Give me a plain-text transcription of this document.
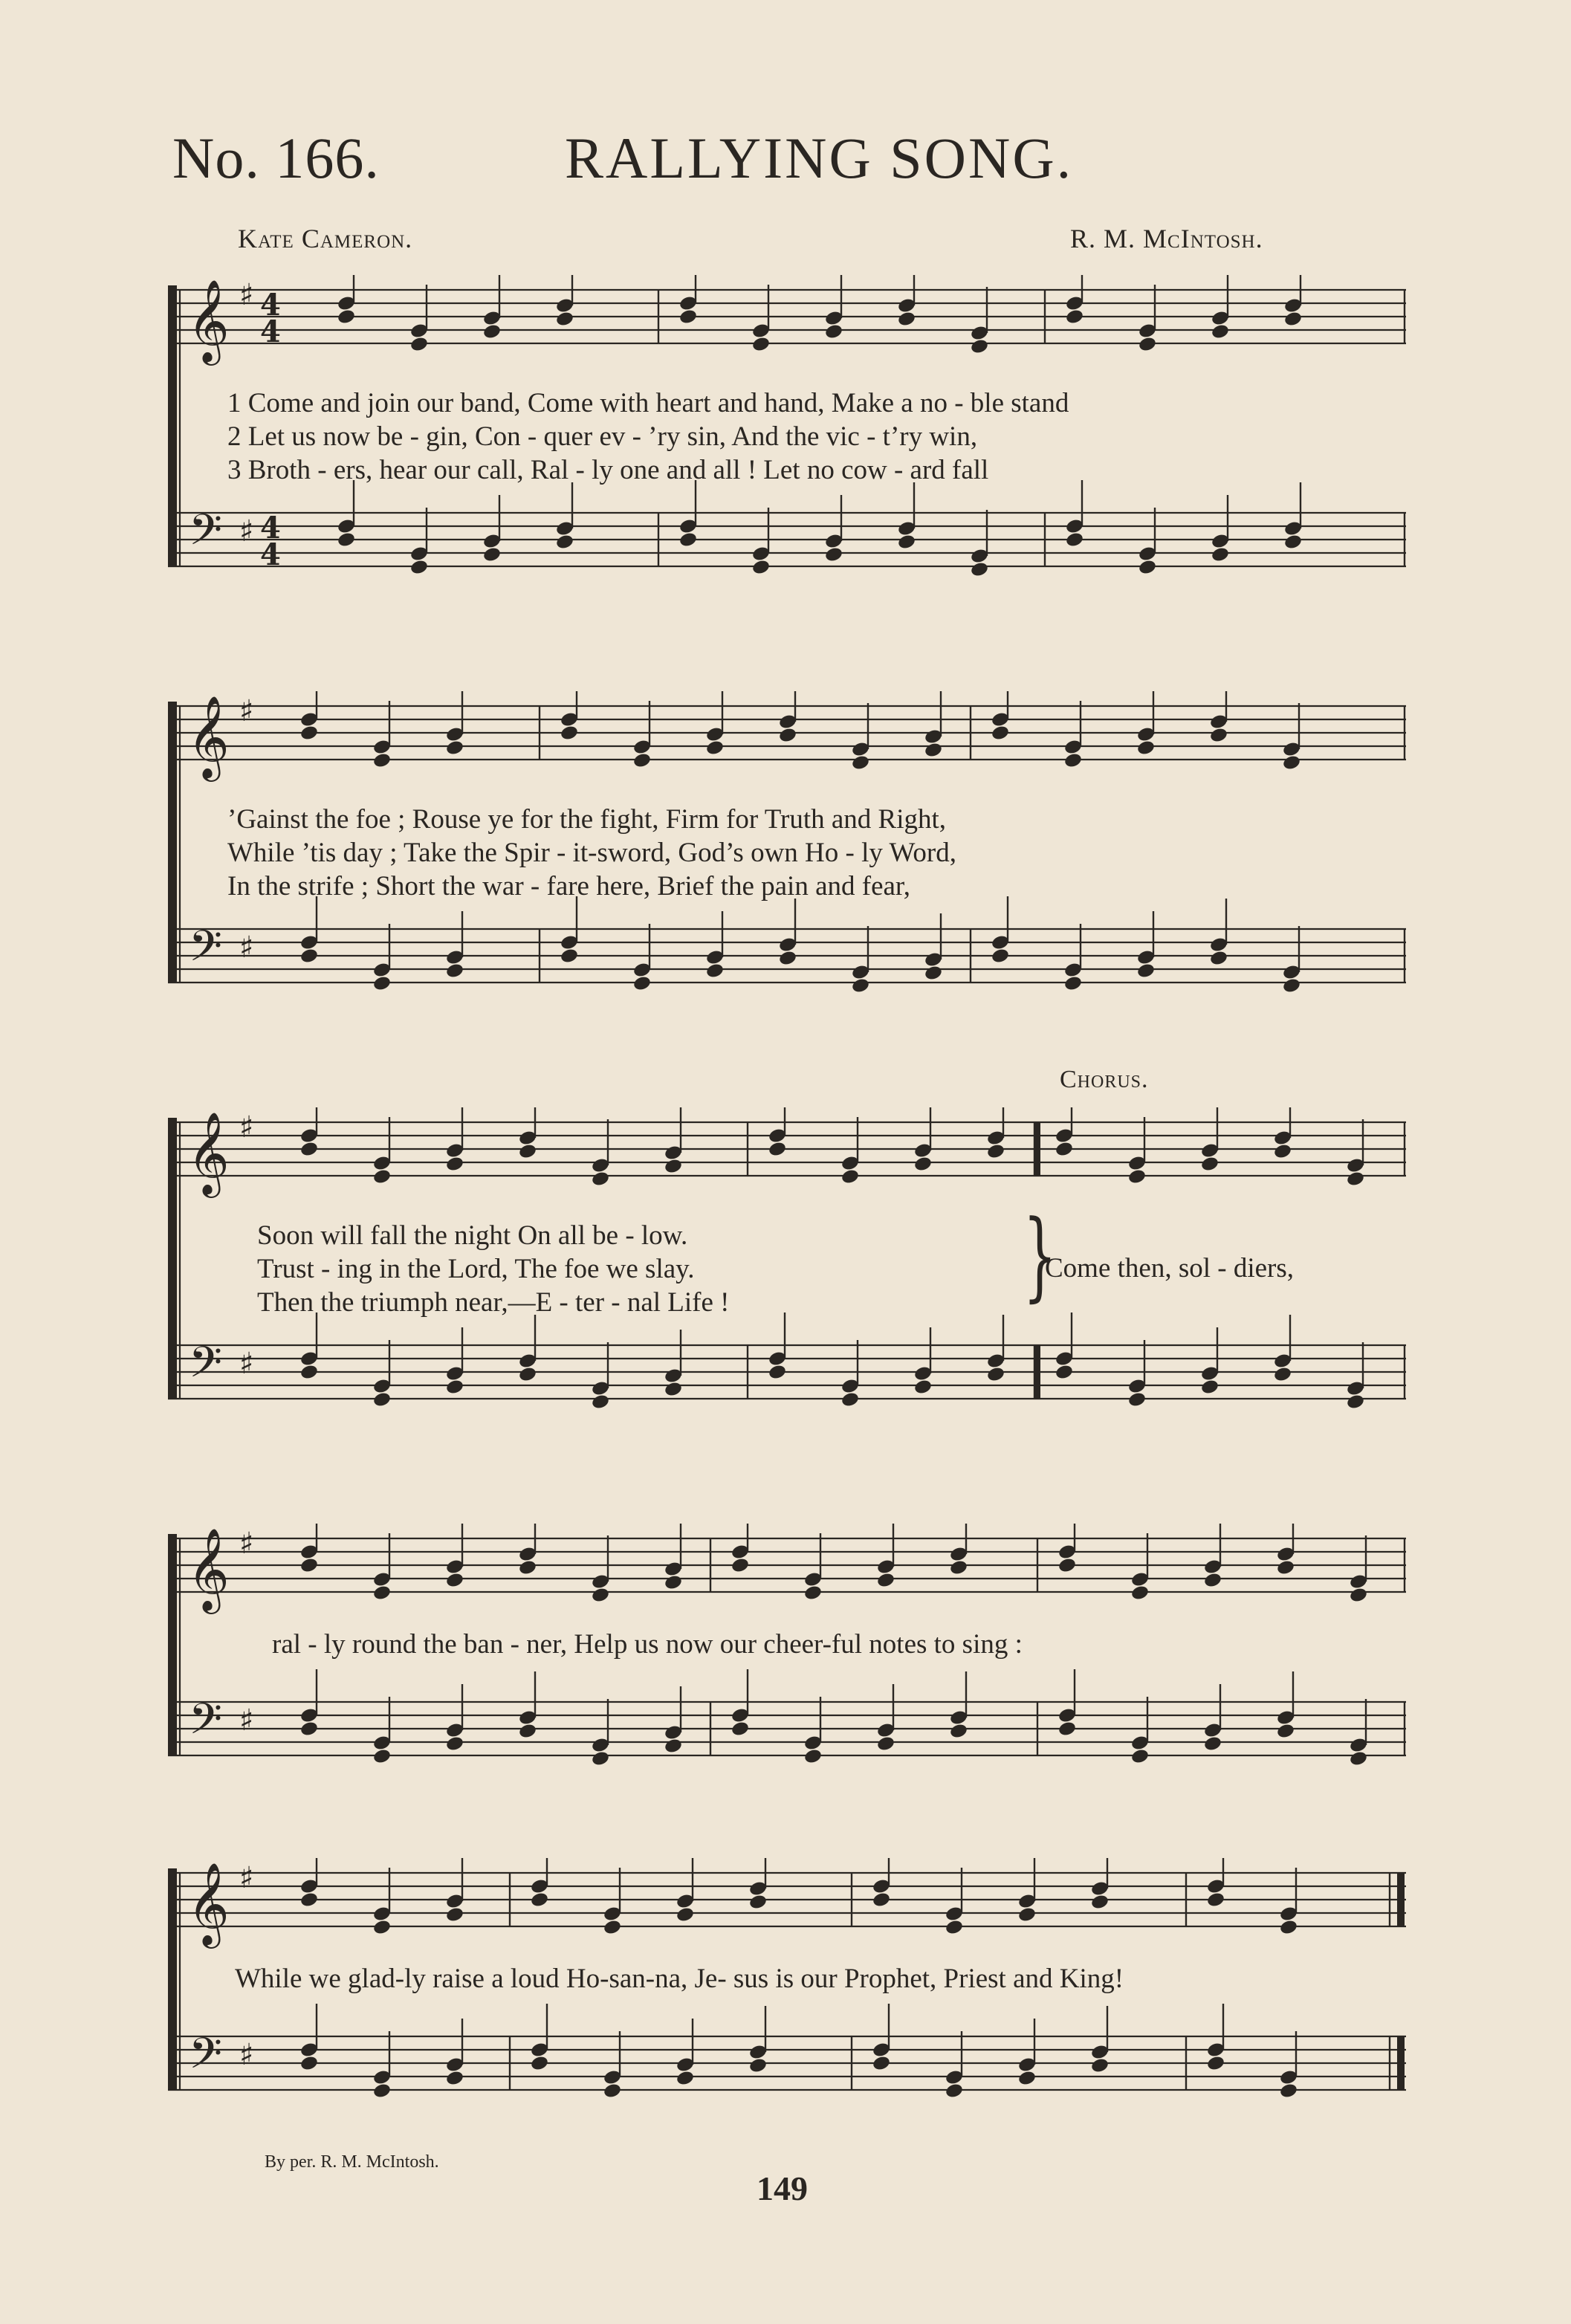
No. 166.	RALLYING SONG.
Kate Cameron.	R. M. McIntosh.
𝄞
𝄢
♯
♯
4
4
4
4
1 Come and join our band, Come with heart and hand, Make a no - ble stand
2 Let us now be - gin, Con - quer ev - ’ry sin, And the vic - t’ry win,
3 Broth - ers, hear our call, Ral - ly one and all ! Let no cow - ard fall
𝄞
𝄢
♯
♯
’Gainst the foe ; Rouse ye for the fight, Firm for Truth and Right,
While ’tis day ; Take the Spir - it-sword, God’s own Ho - ly Word,
In the strife ; Short the war - fare here, Brief the pain and fear,
𝄞
𝄢
♯
♯
Chorus.
Soon will fall the night On all be - low.
Trust - ing in the Lord, The foe we slay.
Then the triumph near,—E - ter - nal Life !	}
Come then, sol - diers,
𝄞
𝄢
♯
♯
ral - ly round the ban - ner, Help us now our cheer-ful notes to sing :
𝄞
𝄢
♯
♯
While we glad-ly raise a loud Ho-san-na, Je- sus is our Prophet, Priest and King!
By per. R. M. McIntosh.
149
